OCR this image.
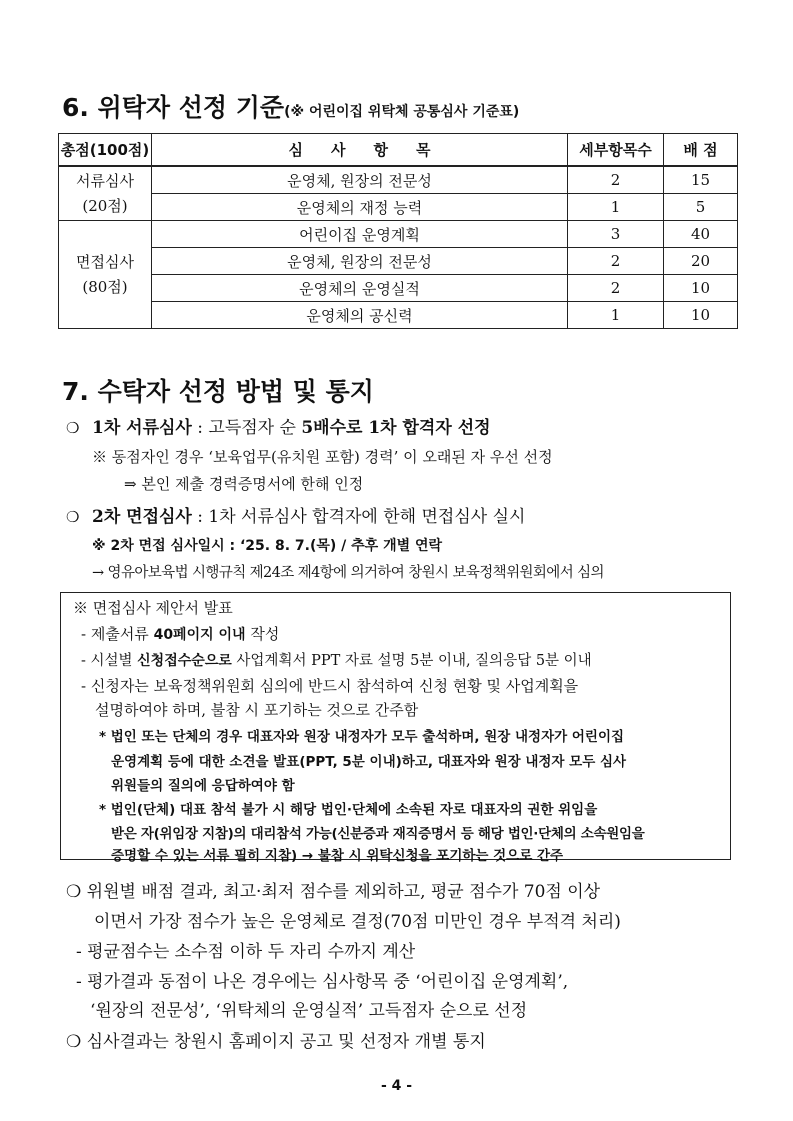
6. 위탁자 선정 기준(※ 어린이집 위탁체 공통심사 기준표)
총점(100점)	심사항목	세부항목수	배 점

서류심사
(20점)	운영체, 원장의 전문성	2	15
	운영체의 재정 능력	1	5

면접심사
(80점)	어린이집 운영계획	3	40
	운영체, 원장의 전문성	2	20
	운영체의 운영실적	2	10
	운영체의 공신력	1	10
7. 수탁자 선정 방법 및 통지
❍ 1차 서류심사 : 고득점자 순 5배수로 1차 합격자 선정
※ 동점자인 경우 ‘보육업무(유치원 포함) 경력’ 이 오래된 자 우선 선정
⇒ 본인 제출 경력증명서에 한해 인정
❍ 2차 면접심사 : 1차 서류심사 합격자에 한해 면접심사 실시
※ 2차 면접 심사일시 : ‘25. 8. 7.(목) / 추후 개별 연락
→ 영유아보육법 시행규칙 제24조 제4항에 의거하여 창원시 보육정책위원회에서 심의
※ 면접심사 제안서 발표
- 제출서류 40페이지 이내 작성
- 시설별 신청접수순으로 사업계획서 PPT 자료 설명 5분 이내, 질의응답 5분 이내
- 신청자는 보육정책위원회 심의에 반드시 참석하여 신청 현황 및 사업계획을
설명하여야 하며, 불참 시 포기하는 것으로 간주함
* 법인 또는 단체의 경우 대표자와 원장 내정자가 모두 출석하며, 원장 내정자가 어린이집
운영계획 등에 대한 소견을 발표(PPT, 5분 이내)하고, 대표자와 원장 내정자 모두 심사
위원들의 질의에 응답하여야 함
* 법인(단체) 대표 참석 불가 시 해당 법인·단체에 소속된 자로 대표자의 권한 위임을
받은 자(위임장 지참)의 대리참석 가능(신분증과 재직증명서 등 해당 법인·단체의 소속원임을
증명할 수 있는 서류 필히 지참) → 불참 시 위탁신청을 포기하는 것으로 간주
❍ 위원별 배점 결과, 최고·최저 점수를 제외하고, 평균 점수가 70점 이상
이면서 가장 점수가 높은 운영체로 결정(70점 미만인 경우 부적격 처리)
- 평균점수는 소수점 이하 두 자리 수까지 계산
- 평가결과 동점이 나온 경우에는 심사항목 중 ‘어린이집 운영계획’,
‘원장의 전문성’, ‘위탁체의 운영실적’ 고득점자 순으로 선정
❍ 심사결과는 창원시 홈페이지 공고 및 선정자 개별 통지
- 4 -
